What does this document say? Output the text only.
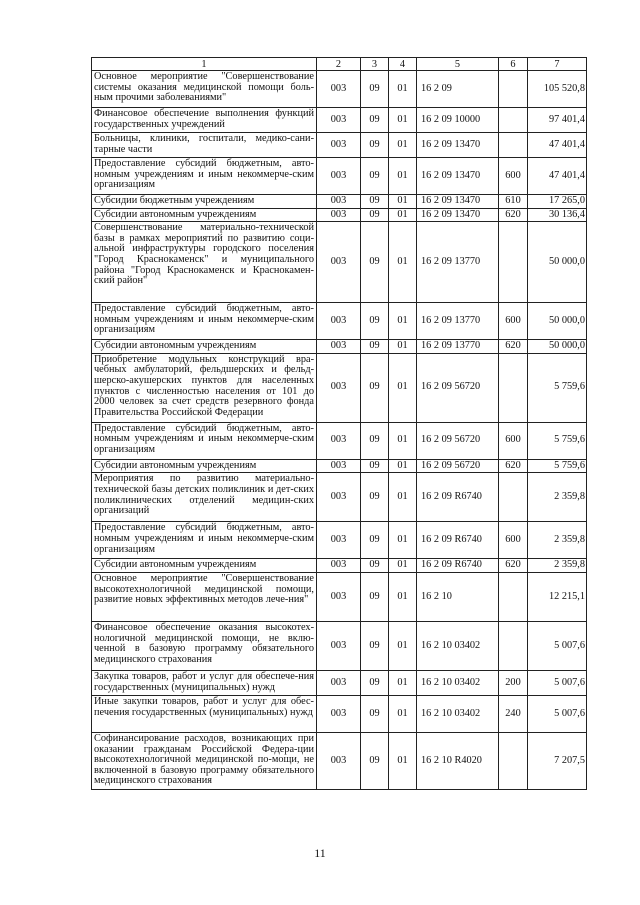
1	2	3	4	5	6	7
Основное мероприятие "Совершенствование системы оказания медицинской помощи боль-ным прочими заболеваниями"	003	09	01	16 2 09		105 520,8
Финансовое обеспечение выполнения функций государственных учреждений	003	09	01	16 2 09 10000		97 401,4
Больницы, клиники, госпитали, медико-сани-тарные части	003	09	01	16 2 09 13470		47 401,4
Предоставление субсидий бюджетным, авто-номным учреждениям и иным некоммерче-ским организациям	003	09	01	16 2 09 13470	600	47 401,4
Субсидии бюджетным учреждениям	003	09	01	16 2 09 13470	610	17 265,0
Субсидии автономным учреждениям	003	09	01	16 2 09 13470	620	30 136,4
Совершенствование материально-технической базы в рамках мероприятий по развитию соци-альной инфраструктуры городского поселения "Город Краснокаменск" и муниципального района "Город Краснокаменск и Краснокамен-ский район"	003	09	01	16 2 09 13770		50 000,0
Предоставление субсидий бюджетным, авто-номным учреждениям и иным некоммерче-ским организациям	003	09	01	16 2 09 13770	600	50 000,0
Субсидии автономным учреждениям	003	09	01	16 2 09 13770	620	50 000,0
Приобретение модульных конструкций вра-чебных амбулаторий, фельдшерских и фельд-шерско-акушерских пунктов для населенных пунктов с численностью населения от 101 до 2000 человек за счет средств резервного фонда Правительства Российской Федерации	003	09	01	16 2 09 56720		5 759,6
Предоставление субсидий бюджетным, авто-номным учреждениям и иным некоммерче-ским организациям	003	09	01	16 2 09 56720	600	5 759,6
Субсидии автономным учреждениям	003	09	01	16 2 09 56720	620	5 759,6
Мероприятия по развитию материально-технической базы детских поликлиник и дет-ских поликлинических отделений медицин-ских организаций	003	09	01	16 2 09 R6740		2 359,8
Предоставление субсидий бюджетным, авто-номным учреждениям и иным некоммерче-ским организациям	003	09	01	16 2 09 R6740	600	2 359,8
Субсидии автономным учреждениям	003	09	01	16 2 09 R6740	620	2 359,8
Основное мероприятие "Совершенствование высокотехнологичной медицинской помощи, развитие новых эффективных методов лече-ния"	003	09	01	16 2 10		12 215,1
Финансовое обеспечение оказания высокотех-нологичной медицинской помощи, не вклю-ченной в базовую программу обязательного медицинского страхования	003	09	01	16 2 10 03402		5 007,6
Закупка товаров, работ и услуг для обеспече-ния государственных (муниципальных) нужд	003	09	01	16 2 10 03402	200	5 007,6
Иные закупки товаров, работ и услуг для обес-печения государственных (муниципальных) нужд	003	09	01	16 2 10 03402	240	5 007,6
Софинансирование расходов, возникающих при оказании гражданам Российской Федера-ции высокотехнологичной медицинской по-мощи, не включенной в базовую программу обязательного медицинского страхования	003	09	01	16 2 10 R4020		7 207,5
11
